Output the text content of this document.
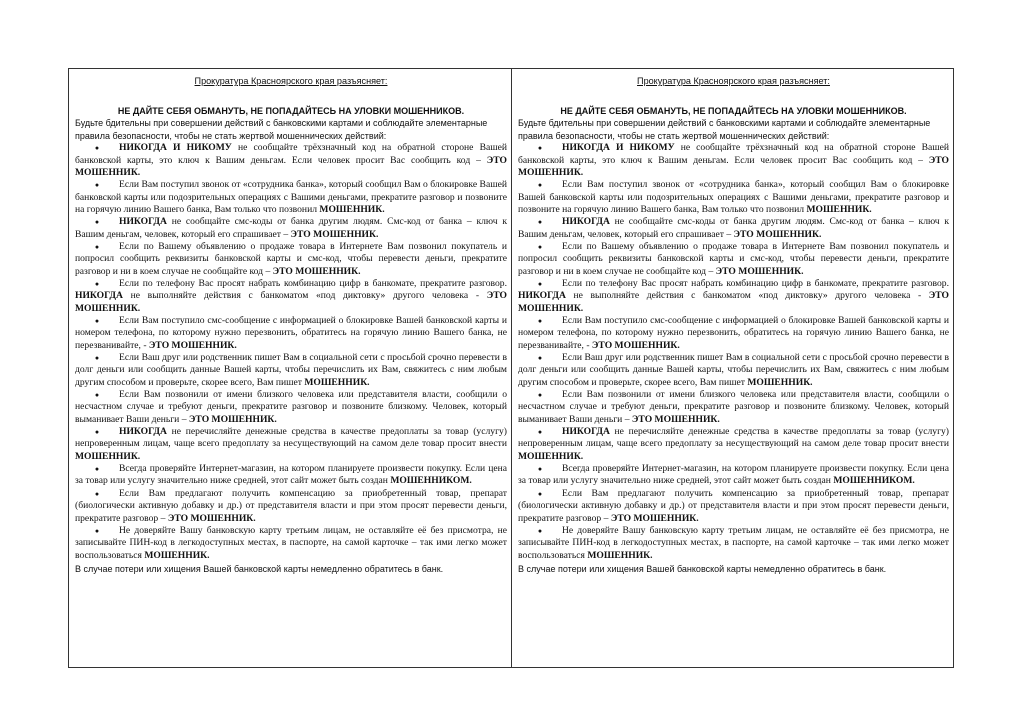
Прокуратура Красноярского края разъясняет:

НЕ ДАЙТЕ СЕБЯ ОБМАНУТЬ, НЕ ПОПАДАЙТЕСЬ НА УЛОВКИ МОШЕННИКОВ.

Будьте бдительны при совершении действий с банковскими картами и соблюдайте элементарные правила безопасности, чтобы не стать жертвой мошеннических действий:

● НИКОГДА И НИКОМУ не сообщайте трёхзначный код на обратной стороне Вашей банковской карты, это ключ к Вашим деньгам. Если человек просит Вас сообщить код – ЭТО МОШЕННИК.
● Если Вам поступил звонок от «сотрудника банка», который сообщил Вам о блокировке Вашей банковской карты или подозрительных операциях с Вашими деньгами, прекратите разговор и позвоните на горячую линию Вашего банка, Вам только что позвонил МОШЕННИК.
● НИКОГДА не сообщайте смс-коды от банка другим людям. Смс-код от банка – ключ к Вашим деньгам, человек, который его спрашивает – ЭТО МОШЕННИК.
● Если по Вашему объявлению о продаже товара в Интернете Вам позвонил покупатель и попросил сообщить реквизиты банковской карты и смс-код, чтобы перевести деньги, прекратите разговор и ни в коем случае не сообщайте код – ЭТО МОШЕННИК.
● Если по телефону Вас просят набрать комбинацию цифр в банкомате, прекратите разговор. НИКОГДА не выполняйте действия с банкоматом «под диктовку» другого человека - ЭТО МОШЕННИК.
● Если Вам поступило смс-сообщение с информацией о блокировке Вашей банковской карты и номером телефона, по которому нужно перезвонить, обратитесь на горячую линию Вашего банка, не перезванивайте, - ЭТО МОШЕННИК.
● Если Ваш друг или родственник пишет Вам в социальной сети с просьбой срочно перевести в долг деньги или сообщить данные Вашей карты, чтобы перечислить их Вам, свяжитесь с ним любым другим способом и проверьте, скорее всего, Вам пишет МОШЕННИК.
● Если Вам позвонили от имени близкого человека или представителя власти, сообщили о несчастном случае и требуют деньги, прекратите разговор и позвоните близкому. Человек, который выманивает Ваши деньги – ЭТО МОШЕННИК.
● НИКОГДА не перечисляйте денежные средства в качестве предоплаты за товар (услугу) непроверенным лицам, чаще всего предоплату за несуществующий на самом деле товар просит внести МОШЕННИК.
● Всегда проверяйте Интернет-магазин, на котором планируете произвести покупку. Если цена за товар или услугу значительно ниже средней, этот сайт может быть создан МОШЕННИКОМ.
● Если Вам предлагают получить компенсацию за приобретенный товар, препарат (биологически активную добавку и др.) от представителя власти и при этом просят перевести деньги, прекратите разговор – ЭТО МОШЕННИК.
● Не доверяйте Вашу банковскую карту третьим лицам, не оставляйте её без присмотра, не записывайте ПИН-код в легкодоступных местах, в паспорте, на самой карточке – так ими легко может воспользоваться МОШЕННИК.

В случае потери или хищения Вашей банковской карты немедленно обратитесь в банк.

Прокуратура Красноярского края разъясняет:

НЕ ДАЙТЕ СЕБЯ ОБМАНУТЬ, НЕ ПОПАДАЙТЕСЬ НА УЛОВКИ МОШЕННИКОВ.

Будьте бдительны при совершении действий с банковскими картами и соблюдайте элементарные правила безопасности, чтобы не стать жертвой мошеннических действий:

● НИКОГДА И НИКОМУ не сообщайте трёхзначный код на обратной стороне Вашей банковской карты, это ключ к Вашим деньгам. Если человек просит Вас сообщить код – ЭТО МОШЕННИК.
● Если Вам поступил звонок от «сотрудника банка», который сообщил Вам о блокировке Вашей банковской карты или подозрительных операциях с Вашими деньгами, прекратите разговор и позвоните на горячую линию Вашего банка, Вам только что позвонил МОШЕННИК.
● НИКОГДА не сообщайте смс-коды от банка другим людям. Смс-код от банка – ключ к Вашим деньгам, человек, который его спрашивает – ЭТО МОШЕННИК.
● Если по Вашему объявлению о продаже товара в Интернете Вам позвонил покупатель и попросил сообщить реквизиты банковской карты и смс-код, чтобы перевести деньги, прекратите разговор и ни в коем случае не сообщайте код – ЭТО МОШЕННИК.
● Если по телефону Вас просят набрать комбинацию цифр в банкомате, прекратите разговор. НИКОГДА не выполняйте действия с банкоматом «под диктовку» другого человека - ЭТО МОШЕННИК.
● Если Вам поступило смс-сообщение с информацией о блокировке Вашей банковской карты и номером телефона, по которому нужно перезвонить, обратитесь на горячую линию Вашего банка, не перезванивайте, - ЭТО МОШЕННИК.
● Если Ваш друг или родственник пишет Вам в социальной сети с просьбой срочно перевести в долг деньги или сообщить данные Вашей карты, чтобы перечислить их Вам, свяжитесь с ним любым другим способом и проверьте, скорее всего, Вам пишет МОШЕННИК.
● Если Вам позвонили от имени близкого человека или представителя власти, сообщили о несчастном случае и требуют деньги, прекратите разговор и позвоните близкому. Человек, который выманивает Ваши деньги – ЭТО МОШЕННИК.
● НИКОГДА не перечисляйте денежные средства в качестве предоплаты за товар (услугу) непроверенным лицам, чаще всего предоплату за несуществующий на самом деле товар просит внести МОШЕННИК.
● Всегда проверяйте Интернет-магазин, на котором планируете произвести покупку. Если цена за товар или услугу значительно ниже средней, этот сайт может быть создан МОШЕННИКОМ.
● Если Вам предлагают получить компенсацию за приобретенный товар, препарат (биологически активную добавку и др.) от представителя власти и при этом просят перевести деньги, прекратите разговор – ЭТО МОШЕННИК.
● Не доверяйте Вашу банковскую карту третьим лицам, не оставляйте её без присмотра, не записывайте ПИН-код в легкодоступных местах, в паспорте, на самой карточке – так ими легко может воспользоваться МОШЕННИК.

В случае потери или хищения Вашей банковской карты немедленно обратитесь в банк.
